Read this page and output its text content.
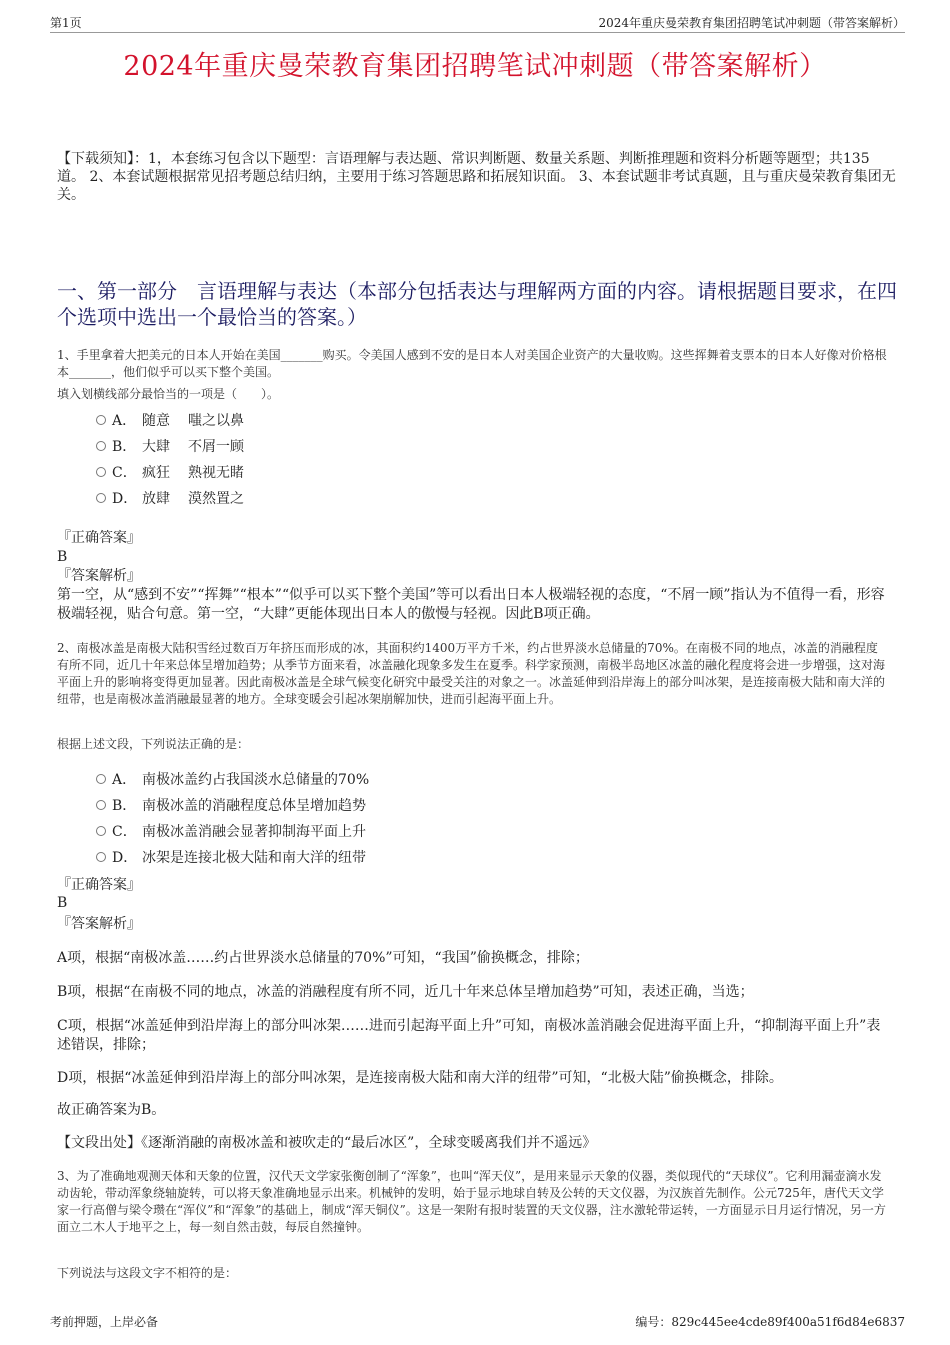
第1页	2024年重庆曼荣教育集团招聘笔试冲刺题（带答案解析）
2024年重庆曼荣教育集团招聘笔试冲刺题（带答案解析）
【下载须知】：1，本套练习包含以下题型：言语理解与表达题、常识判断题、数量关系题、判断推理题和资料分析题等题型；共135道。 2、本套试题根据常见招考题总结归纳，主要用于练习答题思路和拓展知识面。 3、本套试题非考试真题，且与重庆曼荣教育集团无关。
一、第一部分　言语理解与表达（本部分包括表达与理解两方面的内容。请根据题目要求，在四个选项中选出一个最恰当的答案。）
1、手里拿着大把美元的日本人开始在美国_______购买。令美国人感到不安的是日本人对美国企业资产的大量收购。这些挥舞着支票本的日本人好像对价格根本_______，他们似乎可以买下整个美国。
填入划横线部分最恰当的一项是（　　）。
A． 随意 嗤之以鼻
B． 大肆 不屑一顾
C． 疯狂 熟视无睹
D． 放肆 漠然置之
『正确答案』
B
『答案解析』
第一空，从“感到不安”“挥舞”“根本”“似乎可以买下整个美国”等可以看出日本人极端轻视的态度，“不屑一顾”指认为不值得一看，形容极端轻视，贴合句意。第一空，“大肆”更能体现出日本人的傲慢与轻视。因此B项正确。
2、南极冰盖是南极大陆积雪经过数百万年挤压而形成的冰，其面积约1400万平方千米，约占世界淡水总储量的70%。在南极不同的地点，冰盖的消融程度有所不同，近几十年来总体呈增加趋势；从季节方面来看，冰盖融化现象多发生在夏季。科学家预测，南极半岛地区冰盖的融化程度将会进一步增强，这对海平面上升的影响将变得更加显著。因此南极冰盖是全球气候变化研究中最受关注的对象之一。冰盖延伸到沿岸海上的部分叫冰架，是连接南极大陆和南大洋的纽带，也是南极冰盖消融最显著的地方。全球变暖会引起冰架崩解加快，进而引起海平面上升。
根据上述文段，下列说法正确的是：
A． 南极冰盖约占我国淡水总储量的70%
B． 南极冰盖的消融程度总体呈增加趋势
C． 南极冰盖消融会显著抑制海平面上升
D． 冰架是连接北极大陆和南大洋的纽带
『正确答案』
B
『答案解析』
A项，根据“南极冰盖……约占世界淡水总储量的70%”可知，“我国”偷换概念，排除；
B项，根据“在南极不同的地点，冰盖的消融程度有所不同，近几十年来总体呈增加趋势”可知，表述正确，当选；
C项，根据“冰盖延伸到沿岸海上的部分叫冰架……进而引起海平面上升”可知，南极冰盖消融会促进海平面上升，“抑制海平面上升”表述错误，排除；
D项，根据“冰盖延伸到沿岸海上的部分叫冰架，是连接南极大陆和南大洋的纽带”可知，“北极大陆”偷换概念，排除。
故正确答案为B。
【文段出处】《逐渐消融的南极冰盖和被吹走的“最后冰区”，全球变暖离我们并不遥远》
3、为了准确地观测天体和天象的位置，汉代天文学家张衡创制了“浑象”，也叫“浑天仪”，是用来显示天象的仪器，类似现代的“天球仪”。它利用漏壶滴水发动齿轮，带动浑象绕轴旋转，可以将天象准确地显示出来。机械钟的发明，始于显示地球自转及公转的天文仪器，为汉族首先制作。公元725年，唐代天文学家一行高僧与梁令瓒在“浑仪”和“浑象”的基础上，制成“浑天铜仪”。这是一架附有报时装置的天文仪器，注水激轮带运转，一方面显示日月运行情况，另一方面立二木人于地平之上，每一刻自然击鼓，每辰自然撞钟。
下列说法与这段文字不相符的是：
考前押题，上岸必备	编号：829c445ee4cde89f400a51f6d84e6837
